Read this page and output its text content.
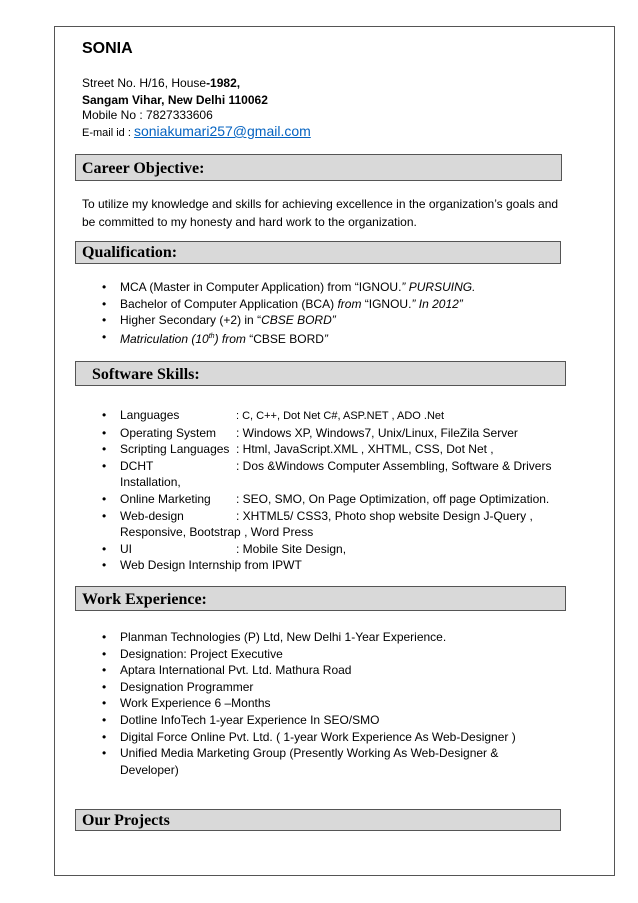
SONIA
Street No. H/16, House-1982,
Sangam Vihar, New Delhi 110062
Mobile No : 7827333606
E-mail id : soniakumari257@gmail.com
Career Objective:
To utilize my knowledge and skills for achieving excellence in the organization’s goals and be committed to my honesty and hard work to the organization.
Qualification:
• MCA (Master in Computer Application) from “IGNOU.” PURSUING.
• Bachelor of Computer Application (BCA) from “IGNOU.” In 2012”
• Higher Secondary (+2) in “CBSE BORD”
• Matriculation (10th) from “CBSE BORD”
Software Skills:
• Languages	: C, C++, Dot Net C#, ASP.NET , ADO .Net
• Operating System : Windows XP, Windows7, Unix/Linux, FileZila Server
• Scripting Languages : Html, JavaScript.XML , XHTML, CSS, Dot Net ,
• DCHT	: Dos &Windows Computer Assembling, Software & Drivers
Installation,
• Online Marketing : SEO, SMO, On Page Optimization, off page Optimization.
• Web-design	: XHTML5/ CSS3, Photo shop website Design J-Query ,
Responsive, Bootstrap , Word Press
• UI	: Mobile Site Design,
• Web Design Internship from IPWT
Work Experience:
• Planman Technologies (P) Ltd, New Delhi 1-Year Experience.
• Designation: Project Executive
• Aptara International Pvt. Ltd. Mathura Road
• Designation Programmer
• Work Experience 6 –Months
• Dotline InfoTech 1-year Experience In SEO/SMO
• Digital Force Online Pvt. Ltd. ( 1-year Work Experience As Web-Designer )
• Unified Media Marketing Group (Presently Working As Web-Designer &
Developer)
Our Projects
